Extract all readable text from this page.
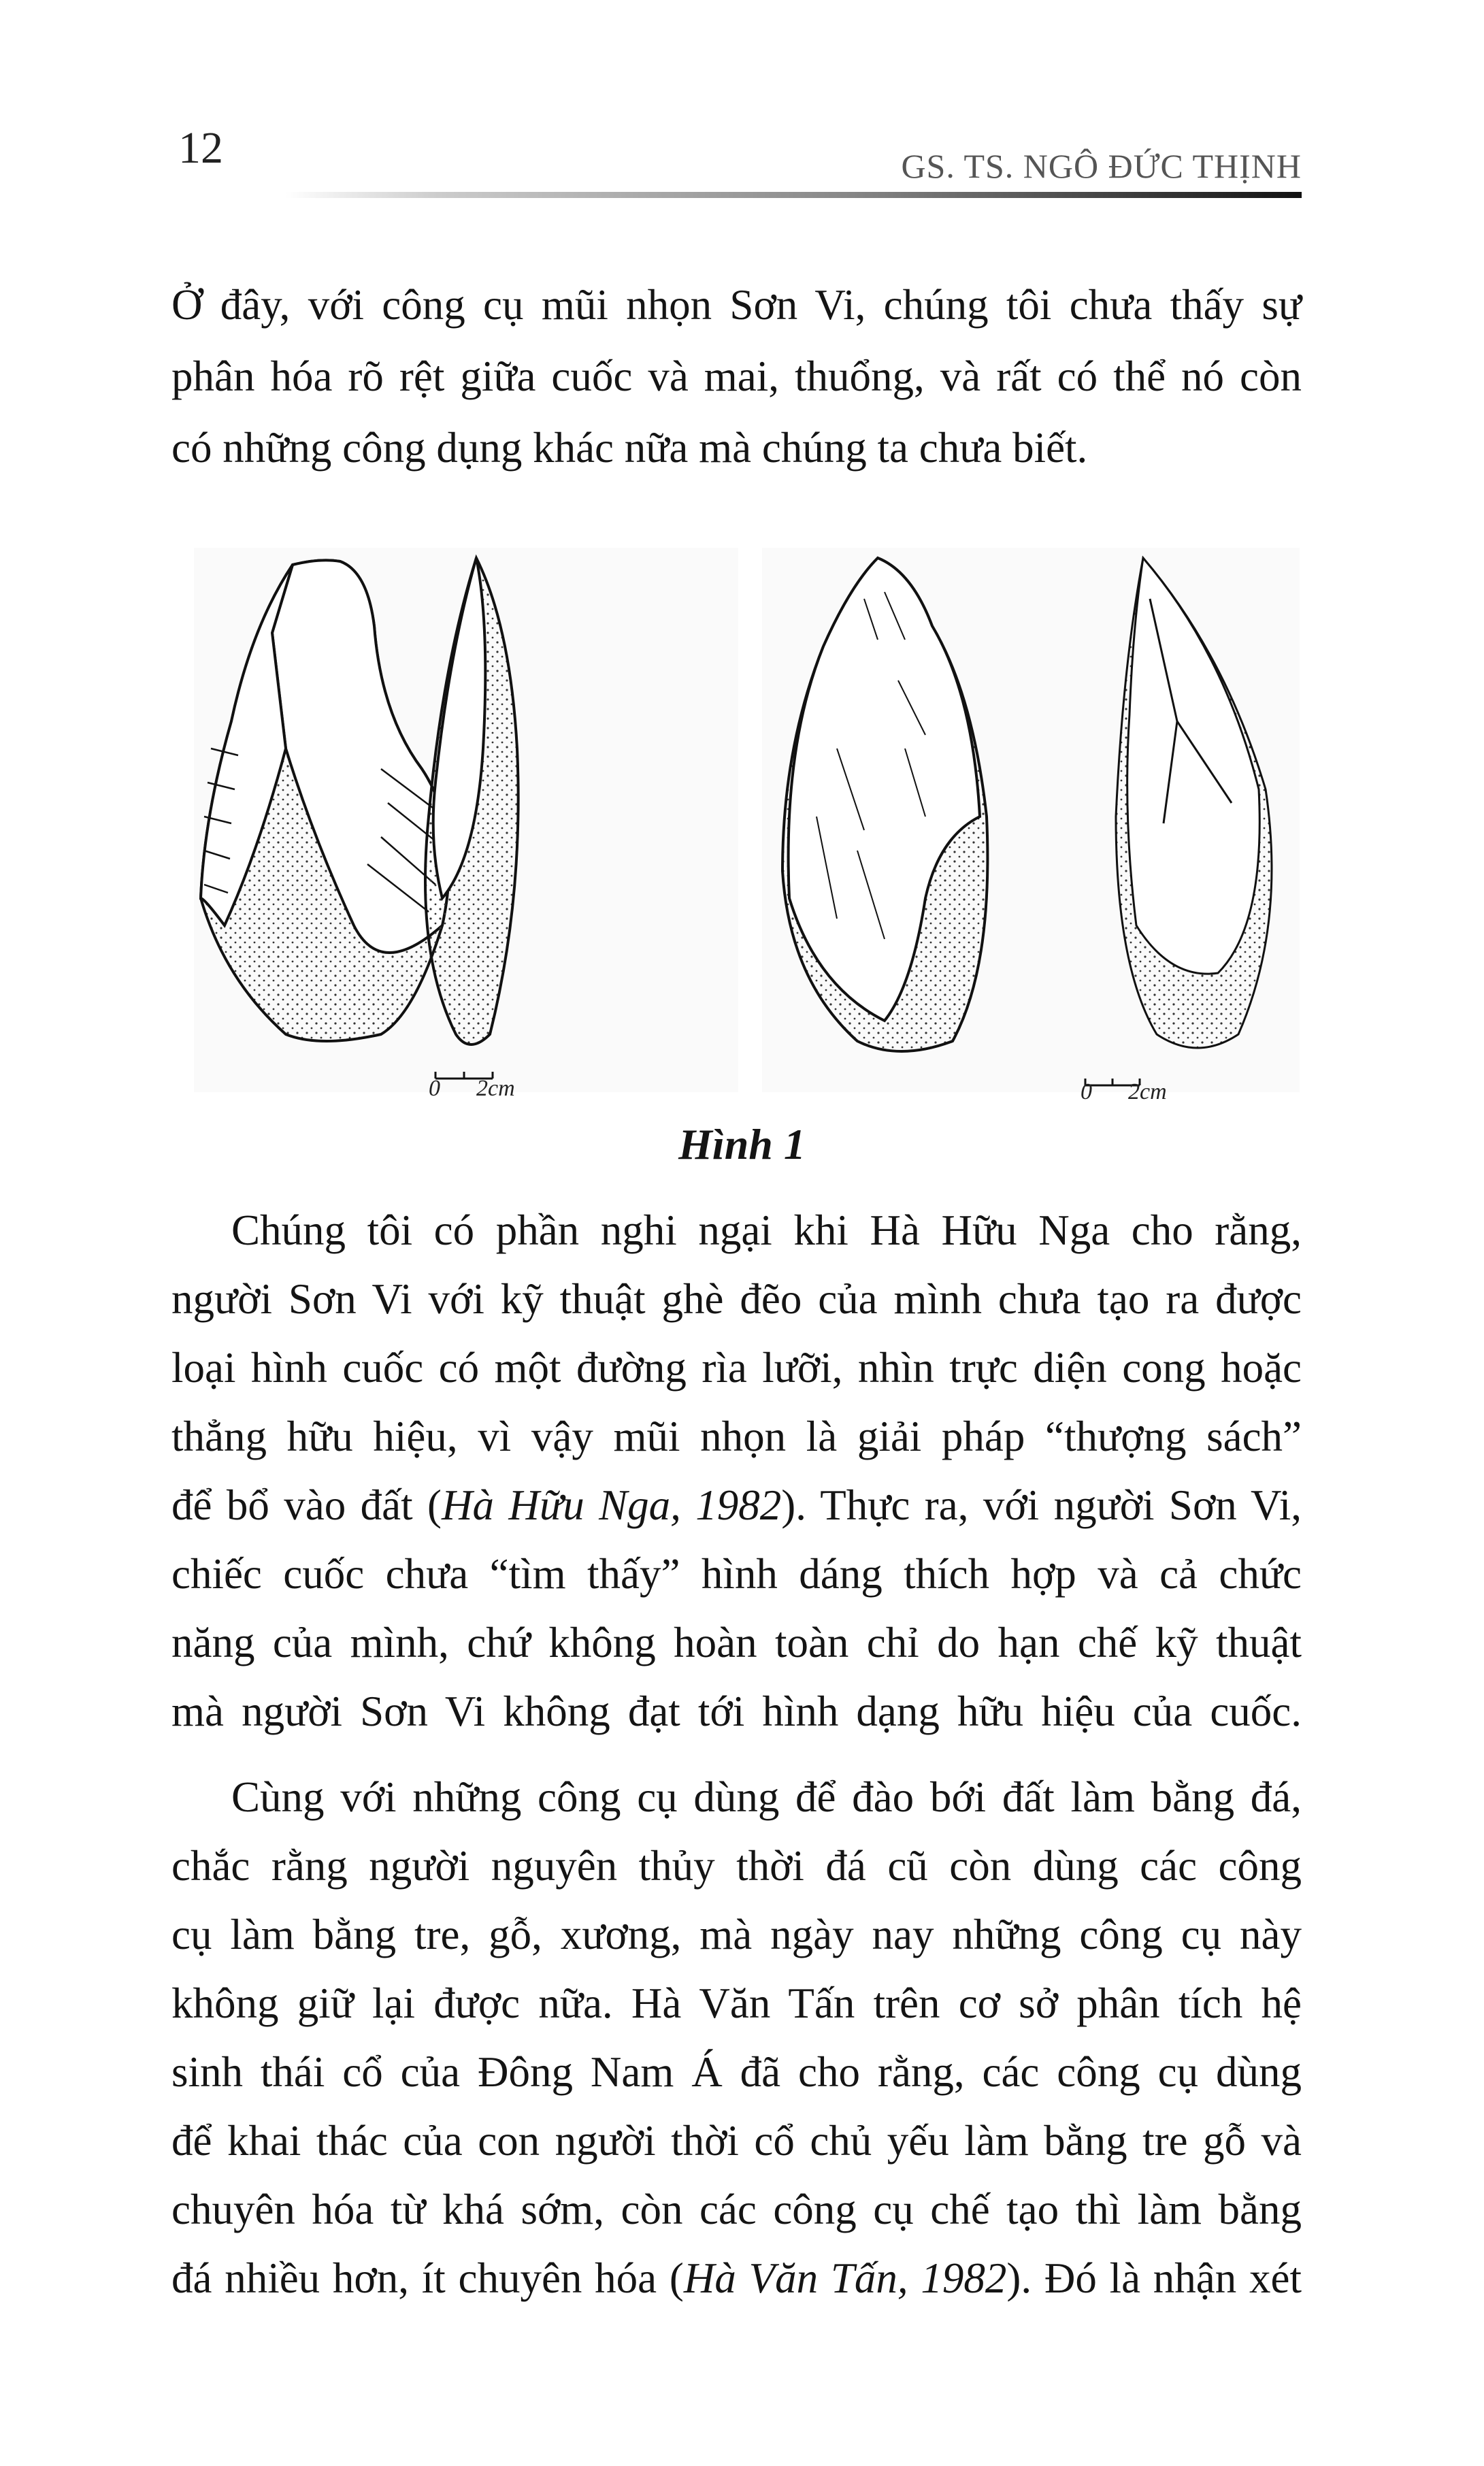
12	GS. TS. NGÔ ĐỨC THỊNH
Ở đây, với công cụ mũi nhọn Sơn Vi, chúng tôi chưa thấy sự
phân hóa rõ rệt giữa cuốc và mai, thuổng, và rất có thể nó còn
có những công dụng khác nữa mà chúng ta chưa biết.
0 2cm	0 2cm
Hình 1
Chúng tôi có phần nghi ngại khi Hà Hữu Nga cho rằng,
người Sơn Vi với kỹ thuật ghè đẽo của mình chưa tạo ra được
loại hình cuốc có một đường rìa lưỡi, nhìn trực diện cong hoặc
thẳng hữu hiệu, vì vậy mũi nhọn là giải pháp “thượng sách”
để bổ vào đất (Hà Hữu Nga, 1982). Thực ra, với người Sơn Vi,
chiếc cuốc chưa “tìm thấy” hình dáng thích hợp và cả chức
năng của mình, chứ không hoàn toàn chỉ do hạn chế kỹ thuật
mà người Sơn Vi không đạt tới hình dạng hữu hiệu của cuốc.
Cùng với những công cụ dùng để đào bới đất làm bằng đá,
chắc rằng người nguyên thủy thời đá cũ còn dùng các công
cụ làm bằng tre, gỗ, xương, mà ngày nay những công cụ này
không giữ lại được nữa. Hà Văn Tấn trên cơ sở phân tích hệ
sinh thái cổ của Đông Nam Á đã cho rằng, các công cụ dùng
để khai thác của con người thời cổ chủ yếu làm bằng tre gỗ và
chuyên hóa từ khá sớm, còn các công cụ chế tạo thì làm bằng
đá nhiều hơn, ít chuyên hóa (Hà Văn Tấn, 1982). Đó là nhận xét
